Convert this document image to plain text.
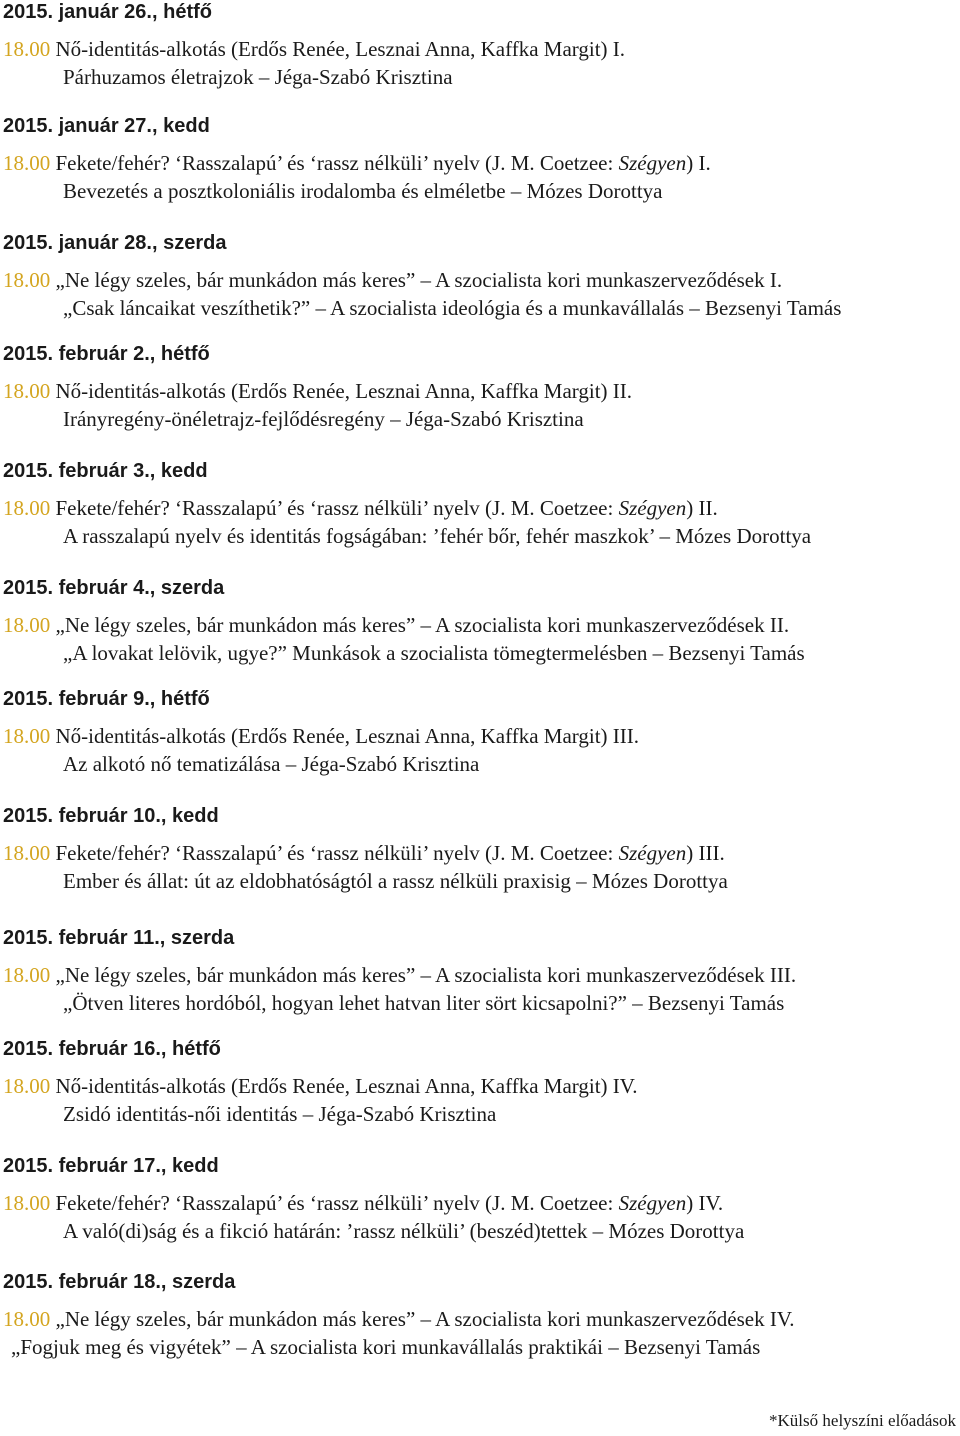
2015. január 26., hétfő
18.00 Nő-identitás-alkotás (Erdős Renée, Lesznai Anna, Kaffka Margit) I.
Párhuzamos életrajzok – Jéga-Szabó Krisztina
2015. január 27., kedd
18.00 Fekete/fehér? ‘Rasszalapú’ és ‘rassz nélküli’ nyelv (J. M. Coetzee: Szégyen) I.
Bevezetés a posztkoloniális irodalomba és elméletbe – Mózes Dorottya
2015. január 28., szerda
18.00 „Ne légy szeles, bár munkádon más keres” – A szocialista kori munkaszerveződések I.
„Csak láncaikat veszíthetik?” – A szocialista ideológia és a munkavállalás – Bezsenyi Tamás
2015. február 2., hétfő
18.00 Nő-identitás-alkotás (Erdős Renée, Lesznai Anna, Kaffka Margit) II.
Irányregény-önéletrajz-fejlődésregény – Jéga-Szabó Krisztina
2015. február 3., kedd
18.00 Fekete/fehér? ‘Rasszalapú’ és ‘rassz nélküli’ nyelv (J. M. Coetzee: Szégyen) II.
A rasszalapú nyelv és identitás fogságában: ’fehér bőr, fehér maszkok’ – Mózes Dorottya
2015. február 4., szerda
18.00 „Ne légy szeles, bár munkádon más keres” – A szocialista kori munkaszerveződések II.
„A lovakat lelövik, ugye?” Munkások a szocialista tömegtermelésben – Bezsenyi Tamás
2015. február 9., hétfő
18.00 Nő-identitás-alkotás (Erdős Renée, Lesznai Anna, Kaffka Margit) III.
Az alkotó nő tematizálása – Jéga-Szabó Krisztina
2015. február 10., kedd
18.00 Fekete/fehér? ‘Rasszalapú’ és ‘rassz nélküli’ nyelv (J. M. Coetzee: Szégyen) III.
Ember és állat: út az eldobhatóságtól a rassz nélküli praxisig – Mózes Dorottya
2015. február 11., szerda
18.00 „Ne légy szeles, bár munkádon más keres” – A szocialista kori munkaszerveződések III.
„Ötven literes hordóból, hogyan lehet hatvan liter sört kicsapolni?” – Bezsenyi Tamás
2015. február 16., hétfő
18.00 Nő-identitás-alkotás (Erdős Renée, Lesznai Anna, Kaffka Margit) IV.
Zsidó identitás-női identitás – Jéga-Szabó Krisztina
2015. február 17., kedd
18.00 Fekete/fehér? ‘Rasszalapú’ és ‘rassz nélküli’ nyelv (J. M. Coetzee: Szégyen) IV.
A való(di)ság és a fikció határán: ’rassz nélküli’ (beszéd)tettek – Mózes Dorottya
2015. február 18., szerda
18.00 „Ne légy szeles, bár munkádon más keres” – A szocialista kori munkaszerveződések IV.
„Fogjuk meg és vigyétek” – A szocialista kori munkavállalás praktikái – Bezsenyi Tamás
*Külső helyszíni előadások
